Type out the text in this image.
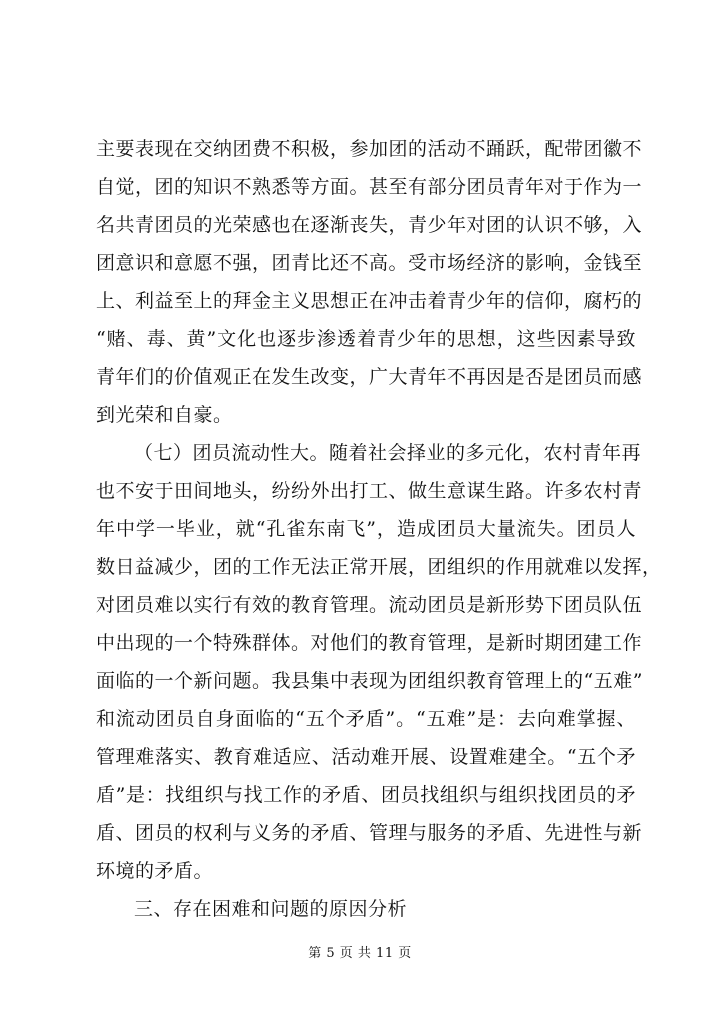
主要表现在交纳团费不积极，参加团的活动不踊跃，配带团徽不
自觉，团的知识不熟悉等方面。甚至有部分团员青年对于作为一
名共青团员的光荣感也在逐渐丧失，青少年对团的认识不够，入
团意识和意愿不强，团青比还不高。受市场经济的影响，金钱至
上、利益至上的拜金主义思想正在冲击着青少年的信仰，腐朽的
“赌、毒、黄”文化也逐步渗透着青少年的思想，这些因素导致
青年们的价值观正在发生改变，广大青年不再因是否是团员而感
到光荣和自豪。
（七）团员流动性大。随着社会择业的多元化，农村青年再
也不安于田间地头，纷纷外出打工、做生意谋生路。许多农村青
年中学一毕业，就“孔雀东南飞”，造成团员大量流失。团员人
数日益减少，团的工作无法正常开展，团组织的作用就难以发挥，
对团员难以实行有效的教育管理。流动团员是新形势下团员队伍
中出现的一个特殊群体。对他们的教育管理，是新时期团建工作
面临的一个新问题。我县集中表现为团组织教育管理上的“五难”
和流动团员自身面临的“五个矛盾”。“五难”是：去向难掌握、
管理难落实、教育难适应、活动难开展、设置难建全。“五个矛
盾”是：找组织与找工作的矛盾、团员找组织与组织找团员的矛
盾、团员的权利与义务的矛盾、管理与服务的矛盾、先进性与新
环境的矛盾。
三、存在困难和问题的原因分析
第 5 页 共 11 页
